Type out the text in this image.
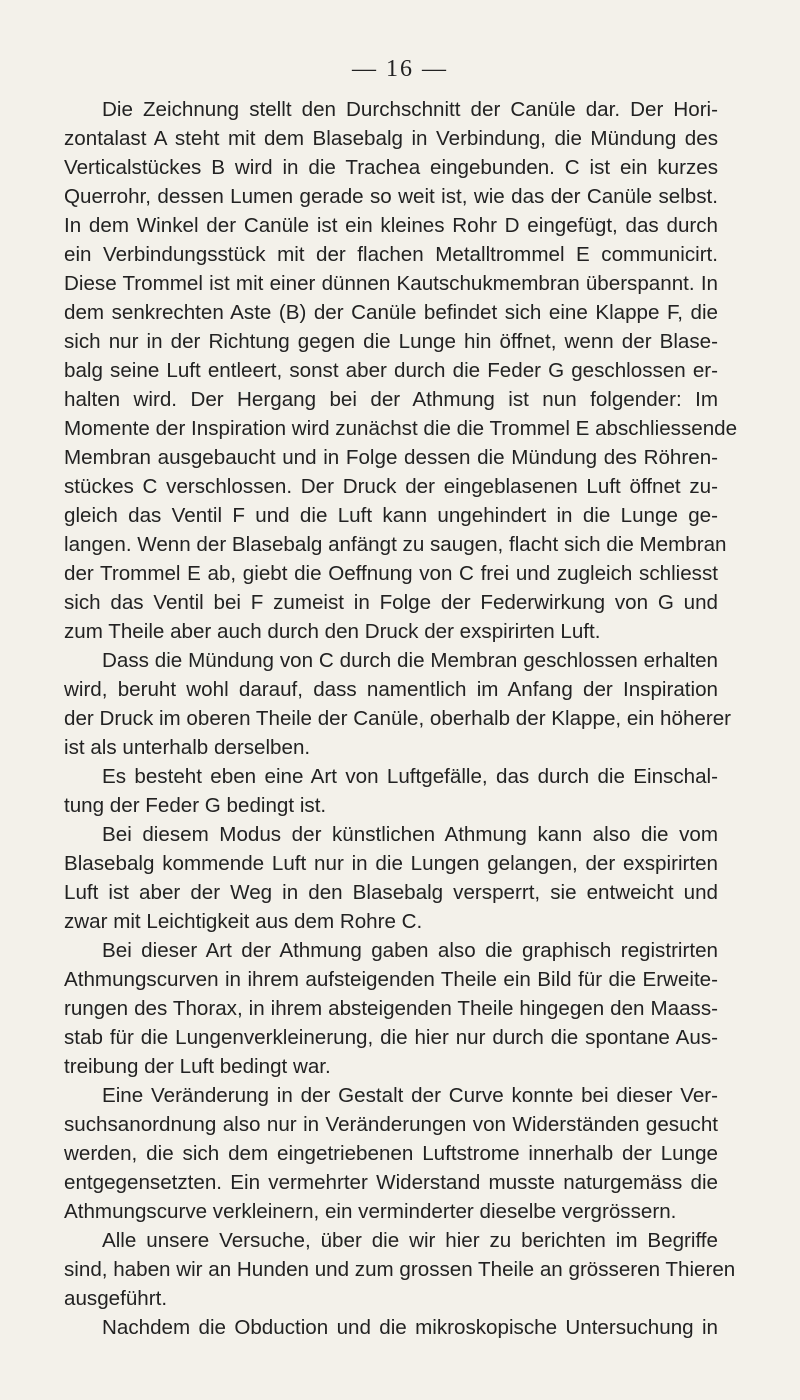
— 16 —
Die Zeichnung stellt den Durchschnitt der Canüle dar. Der Hori-
zontalast A steht mit dem Blasebalg in Verbindung, die Mündung des
Verticalstückes B wird in die Trachea eingebunden. C ist ein kurzes
Querrohr, dessen Lumen gerade so weit ist, wie das der Canüle selbst.
In dem Winkel der Canüle ist ein kleines Rohr D eingefügt, das durch
ein Verbindungsstück mit der flachen Metalltrommel E communicirt.
Diese Trommel ist mit einer dünnen Kautschukmembran überspannt. In
dem senkrechten Aste (B) der Canüle befindet sich eine Klappe F, die
sich nur in der Richtung gegen die Lunge hin öffnet, wenn der Blase-
balg seine Luft entleert, sonst aber durch die Feder G geschlossen er-
halten wird. Der Hergang bei der Athmung ist nun folgender: Im
Momente der Inspiration wird zunächst die die Trommel E abschliessende
Membran ausgebaucht und in Folge dessen die Mündung des Röhren-
stückes C verschlossen. Der Druck der eingeblasenen Luft öffnet zu-
gleich das Ventil F und die Luft kann ungehindert in die Lunge ge-
langen. Wenn der Blasebalg anfängt zu saugen, flacht sich die Membran
der Trommel E ab, giebt die Oeffnung von C frei und zugleich schliesst
sich das Ventil bei F zumeist in Folge der Federwirkung von G und
zum Theile aber auch durch den Druck der exspirirten Luft.
Dass die Mündung von C durch die Membran geschlossen erhalten
wird, beruht wohl darauf, dass namentlich im Anfang der Inspiration
der Druck im oberen Theile der Canüle, oberhalb der Klappe, ein höherer
ist als unterhalb derselben.
Es besteht eben eine Art von Luftgefälle, das durch die Einschal-
tung der Feder G bedingt ist.
Bei diesem Modus der künstlichen Athmung kann also die vom
Blasebalg kommende Luft nur in die Lungen gelangen, der exspirirten
Luft ist aber der Weg in den Blasebalg versperrt, sie entweicht und
zwar mit Leichtigkeit aus dem Rohre C.
Bei dieser Art der Athmung gaben also die graphisch registrirten
Athmungscurven in ihrem aufsteigenden Theile ein Bild für die Erweite-
rungen des Thorax, in ihrem absteigenden Theile hingegen den Maass-
stab für die Lungenverkleinerung, die hier nur durch die spontane Aus-
treibung der Luft bedingt war.
Eine Veränderung in der Gestalt der Curve konnte bei dieser Ver-
suchsanordnung also nur in Veränderungen von Widerständen gesucht
werden, die sich dem eingetriebenen Luftstrome innerhalb der Lunge
entgegensetzten. Ein vermehrter Widerstand musste naturgemäss die
Athmungscurve verkleinern, ein verminderter dieselbe vergrössern.
Alle unsere Versuche, über die wir hier zu berichten im Begriffe
sind, haben wir an Hunden und zum grossen Theile an grösseren Thieren
ausgeführt.
Nachdem die Obduction und die mikroskopische Untersuchung in
